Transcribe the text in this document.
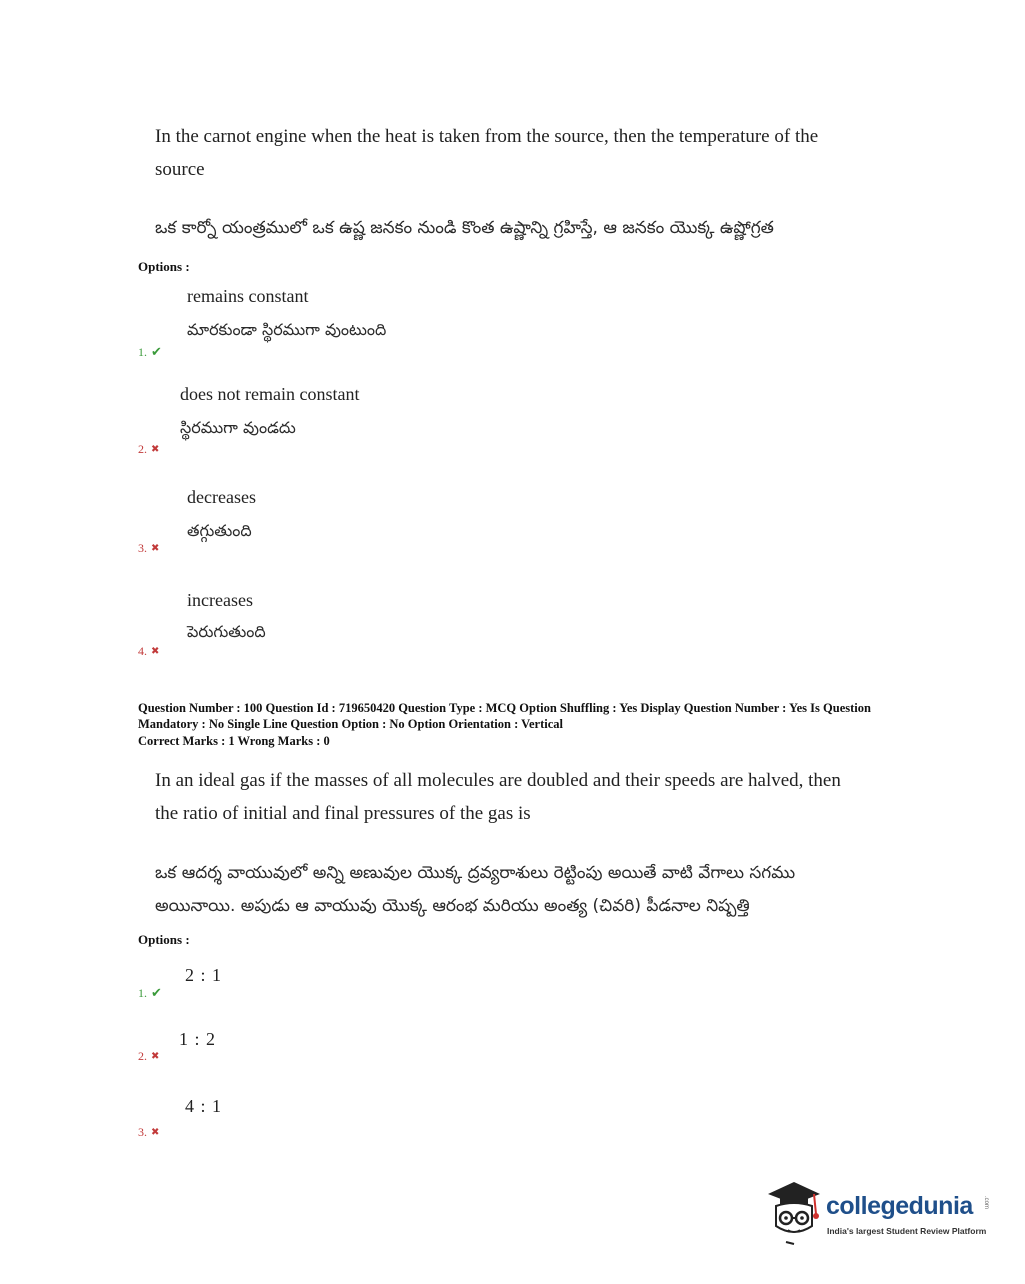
In the carnot engine when the heat is taken from the source, then the temperature of the source
ఒక కార్నో యంత్రములో ఒక ఉష్ణ జనకం నుండి కొంత ఉష్ణాన్ని గ్రహిస్తే, ఆ జనకం యొక్క ఉష్ణోగ్రత
Options :
remains constant
మారకుండా స్థిరముగా వుంటుంది
1. ✔
does not remain constant
స్థిరముగా వుండదు
2. ✖
decreases
తగ్గుతుంది
3. ✖
increases
పెరుగుతుంది
4. ✖
Question Number : 100 Question Id : 719650420 Question Type : MCQ Option Shuffling : Yes Display Question Number : Yes Is Question Mandatory : No Single Line Question Option : No Option Orientation : Vertical
Correct Marks : 1 Wrong Marks : 0
In an ideal gas if the masses of all molecules are doubled and their speeds are halved, then the ratio of initial and final pressures of the gas is
ఒక ఆదర్శ వాయువులో అన్ని అణువుల యొక్క ద్రవ్యరాశులు రెట్టింపు అయితే వాటి వేగాలు సగము అయినాయి. అపుడు ఆ వాయువు యొక్క ఆరంభ మరియు అంత్య (చివరి) పీడనాల నిష్పత్తి
Options :
2 : 1
1. ✔
1 : 2
2. ✖
4 : 1
3. ✖
collegedunia .com
India's largest Student Review Platform
